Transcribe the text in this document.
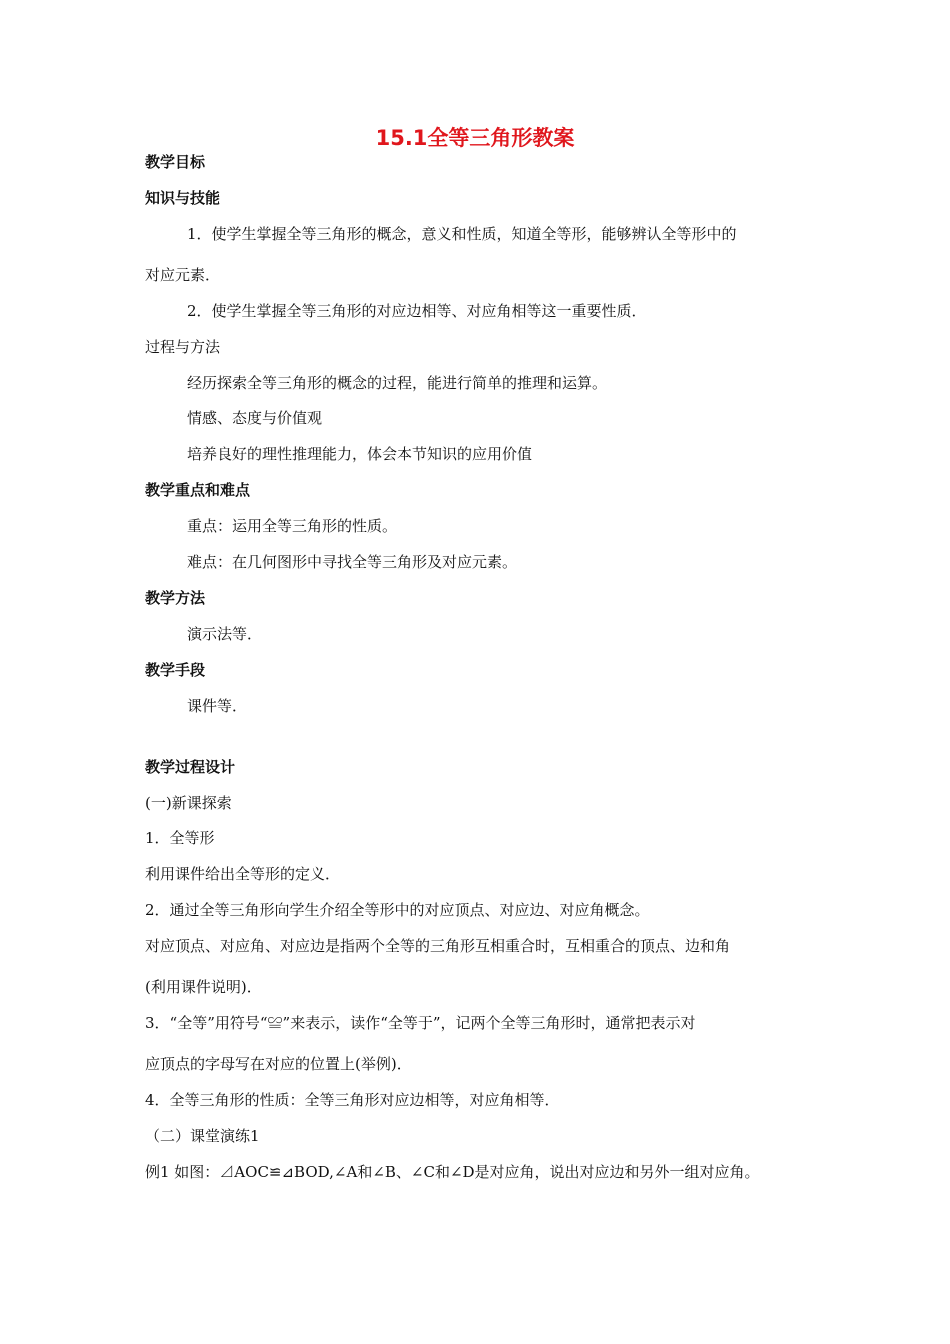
15.1全等三角形教案
教学目标
知识与技能
1．使学生掌握全等三角形的概念，意义和性质，知道全等形，能够辨认全等形中的
对应元素．
2．使学生掌握全等三角形的对应边相等、对应角相等这一重要性质．
过程与方法
经历探索全等三角形的概念的过程，能进行简单的推理和运算。
情感、态度与价值观
培养良好的理性推理能力，体会本节知识的应用价值
教学重点和难点
重点：运用全等三角形的性质。
难点：在几何图形中寻找全等三角形及对应元素。
教学方法
演示法等．
教学手段
课件等．
教学过程设计
(一)新课探索
1．全等形
利用课件给出全等形的定义．
2．通过全等三角形向学生介绍全等形中的对应顶点、对应边、对应角概念。
对应顶点、对应角、对应边是指两个全等的三角形互相重合时，互相重合的顶点、边和角
(利用课件说明)．
3．“全等”用符号“≌”来表示，读作“全等于”，记两个全等三角形时，通常把表示对
应顶点的字母写在对应的位置上(举例)．
4．全等三角形的性质：全等三角形对应边相等，对应角相等．
（二）课堂演练1
例1 如图：⊿AOC≌⊿BOD,∠A和∠B、∠C和∠D是对应角，说出对应边和另外一组对应角。
